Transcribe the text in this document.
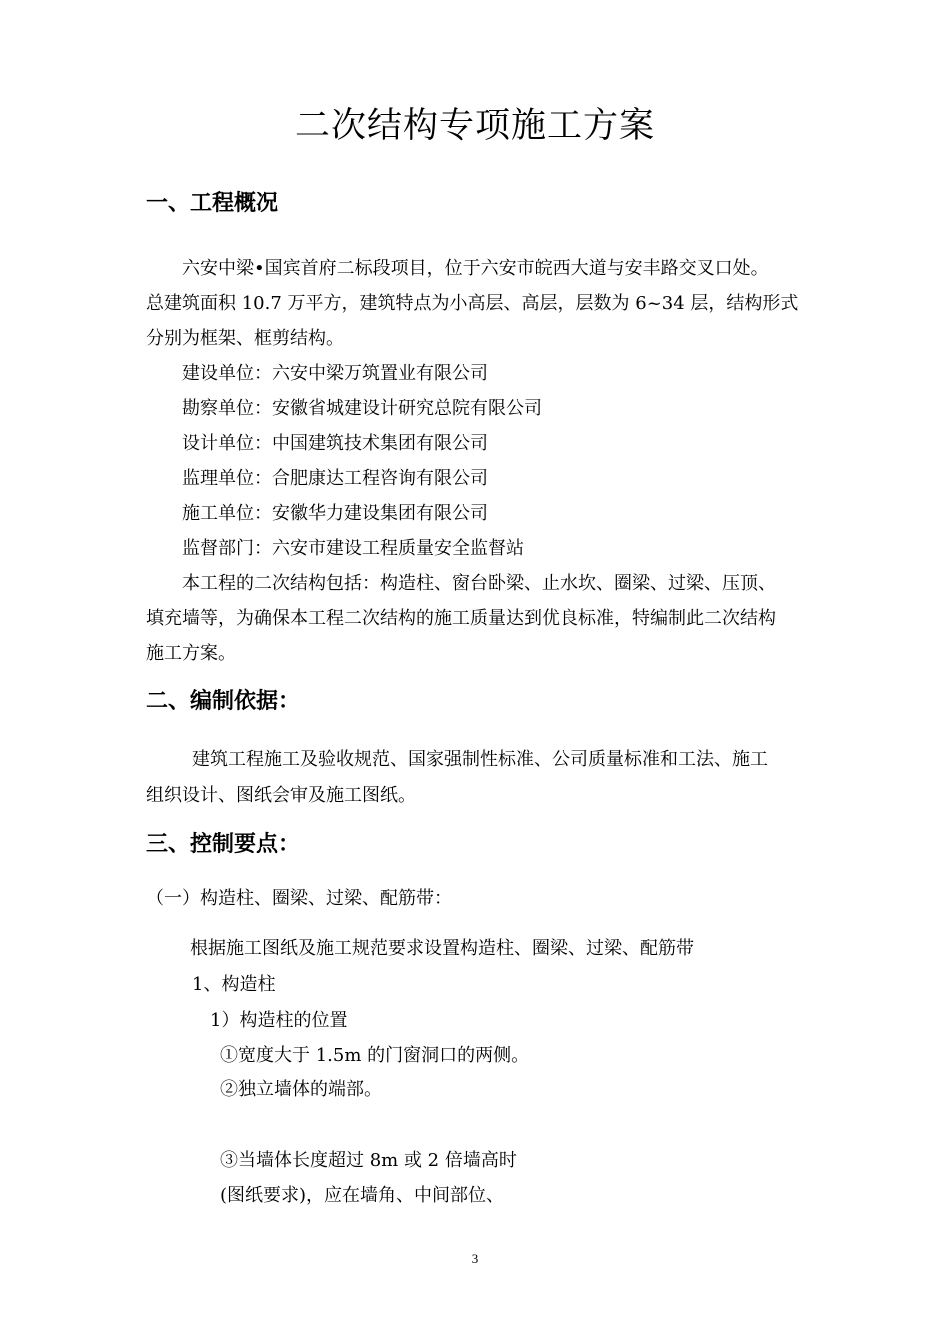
二次结构专项施工方案
一、工程概况
六安中梁•国宾首府二标段项目，位于六安市皖西大道与安丰路交叉口处。
总建筑面积 10.7 万平方，建筑特点为小高层、高层，层数为 6~34 层，结构形式
分别为框架、框剪结构。
建设单位：六安中梁万筑置业有限公司
勘察单位：安徽省城建设计研究总院有限公司
设计单位：中国建筑技术集团有限公司
监理单位：合肥康达工程咨询有限公司
施工单位：安徽华力建设集团有限公司
监督部门：六安市建设工程质量安全监督站
本工程的二次结构包括：构造柱、窗台卧梁、止水坎、圈梁、过梁、压顶、
填充墙等，为确保本工程二次结构的施工质量达到优良标准，特编制此二次结构
施工方案。
二、编制依据：
建筑工程施工及验收规范、国家强制性标准、公司质量标准和工法、施工
组织设计、图纸会审及施工图纸。
三、控制要点：
（一）构造柱、圈梁、过梁、配筋带：
根据施工图纸及施工规范要求设置构造柱、圈梁、过梁、配筋带
1、构造柱
1）构造柱的位置
①宽度大于 1.5m 的门窗洞口的两侧。
②独立墙体的端部。
③当墙体长度超过 8m 或 2 倍墙高时
(图纸要求)，应在墙角、中间部位、
3
